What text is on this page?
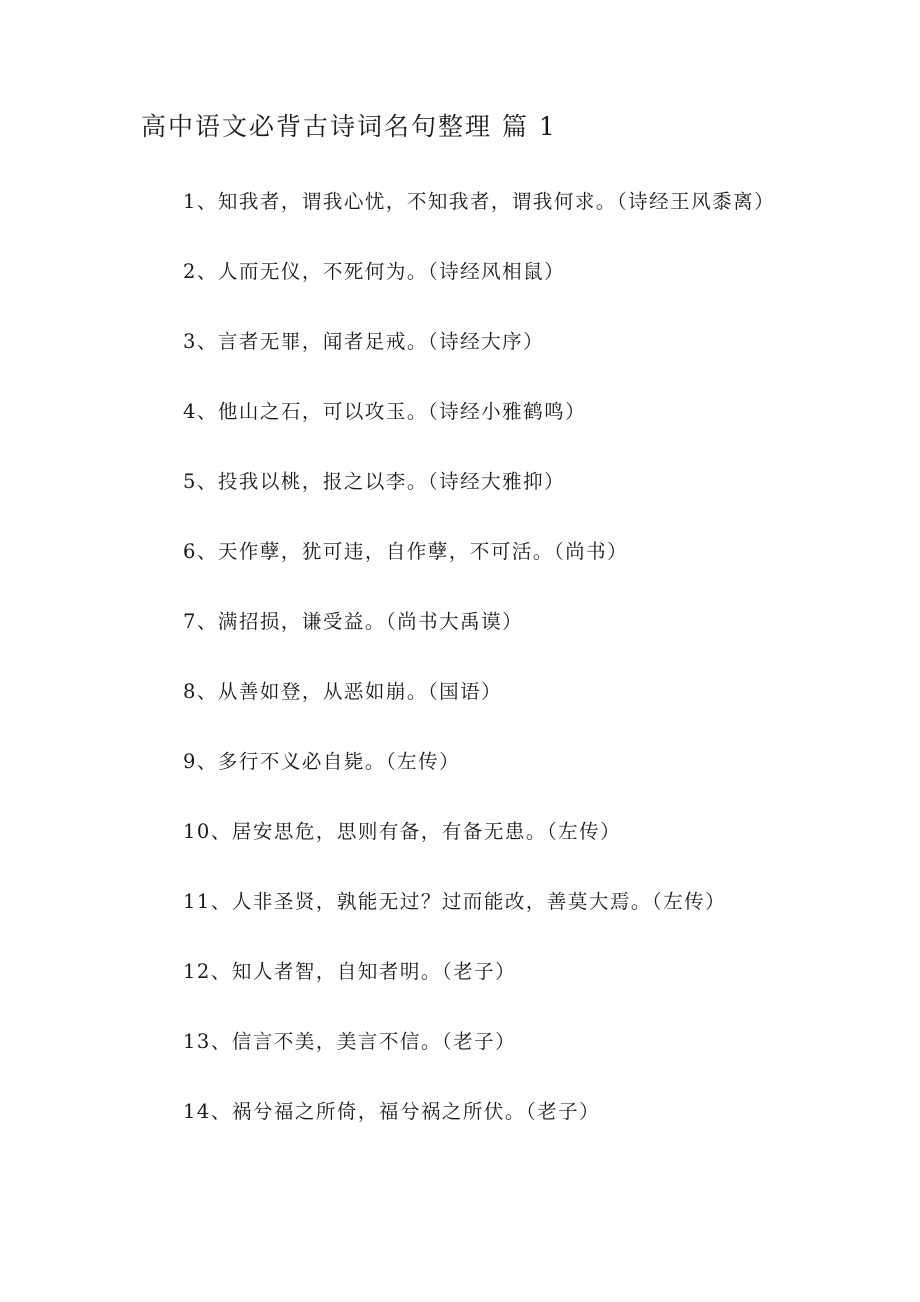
高中语文必背古诗词名句整理 篇 1
1、知我者，谓我心忧，不知我者，谓我何求。（诗经王风黍离）
2、人而无仪，不死何为。（诗经风相鼠）
3、言者无罪，闻者足戒。（诗经大序）
4、他山之石，可以攻玉。（诗经小雅鹤鸣）
5、投我以桃，报之以李。（诗经大雅抑）
6、天作孽，犹可违，自作孽，不可活。（尚书）
7、满招损，谦受益。（尚书大禹谟）
8、从善如登，从恶如崩。（国语）
9、多行不义必自毙。（左传）
10、居安思危，思则有备，有备无患。（左传）
11、人非圣贤，孰能无过？过而能改，善莫大焉。（左传）
12、知人者智，自知者明。（老子）
13、信言不美，美言不信。（老子）
14、祸兮福之所倚，福兮祸之所伏。（老子）
